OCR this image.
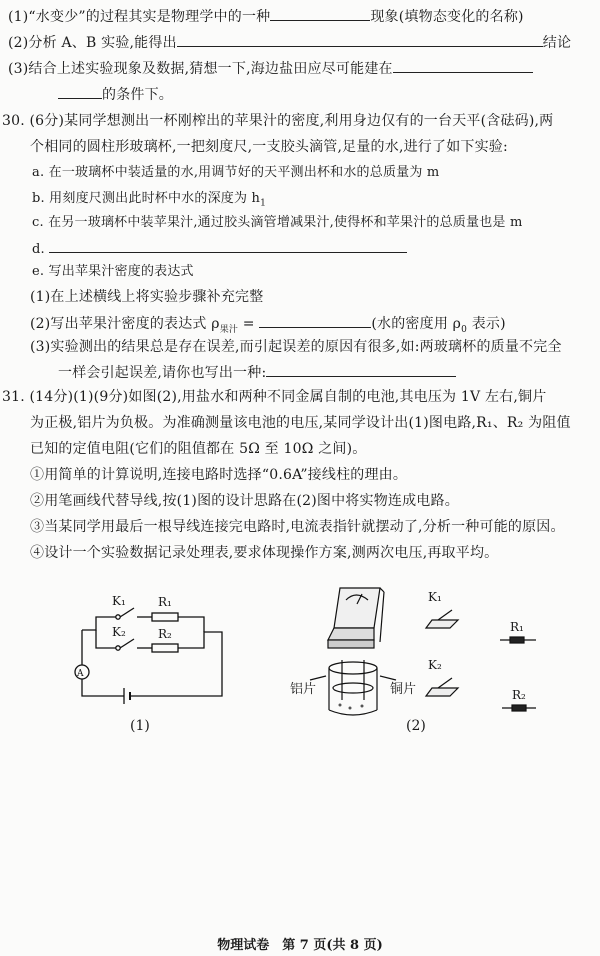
(1)“水变少”的过程其实是物理学中的一种	现象(填物态变化的名称)
(2)分析 A、B 实验,能得出	结论
(3)结合上述实验现象及数据,猜想一下,海边盐田应尽可能建在
的条件下。
30. (6分)某同学想测出一杯刚榨出的苹果汁的密度,利用身边仅有的一台天平(含砝码),两
个相同的圆柱形玻璃杯,一把刻度尺,一支胶头滴管,足量的水,进行了如下实验:
a. 在一玻璃杯中装适量的水,用调节好的天平测出杯和水的总质量为 m
b. 用刻度尺测出此时杯中水的深度为 $h_1$
c. 在另一玻璃杯中装苹果汁,通过胶头滴管增减果汁,使得杯和苹果汁的总质量也是 m
d.
e. 写出苹果汁密度的表达式
(1)在上述横线上将实验步骤补充完整
(2)写出苹果汁密度的表达式 $\rho_{果汁}$ =	(水的密度用 $\rho_0$ 表示)
(3)实验测出的结果总是存在误差,而引起误差的原因有很多,如:两玻璃杯的质量不完全
一样会引起误差,请你也写出一种:
31. (14分)(1)(9分)如图(2),用盐水和两种不同金属自制的电池,其电压为 1V 左右,铜片
为正极,铝片为负极。为准确测量该电池的电压,某同学设计出(1)图电路,R₁、R₂ 为阻值
已知的定值电阻(它们的阻值都在 5Ω 至 10Ω 之间)。
①用简单的计算说明,连接电路时选择“0.6A”接线柱的理由。
②用笔画线代替导线,按(1)图的设计思路在(2)图中将实物连成电路。
③当某同学用最后一根导线连接完电路时,电流表指针就摆动了,分析一种可能的原因。
④设计一个实验数据记录处理表,要求体现操作方案,测两次电压,再取平均。
A
K₁
K₂
R₁
R₂
(1)
K₁
K₂
R₁
R₂
铝片	铜片
(2)
物理试卷　第 7 页(共 8 页)
